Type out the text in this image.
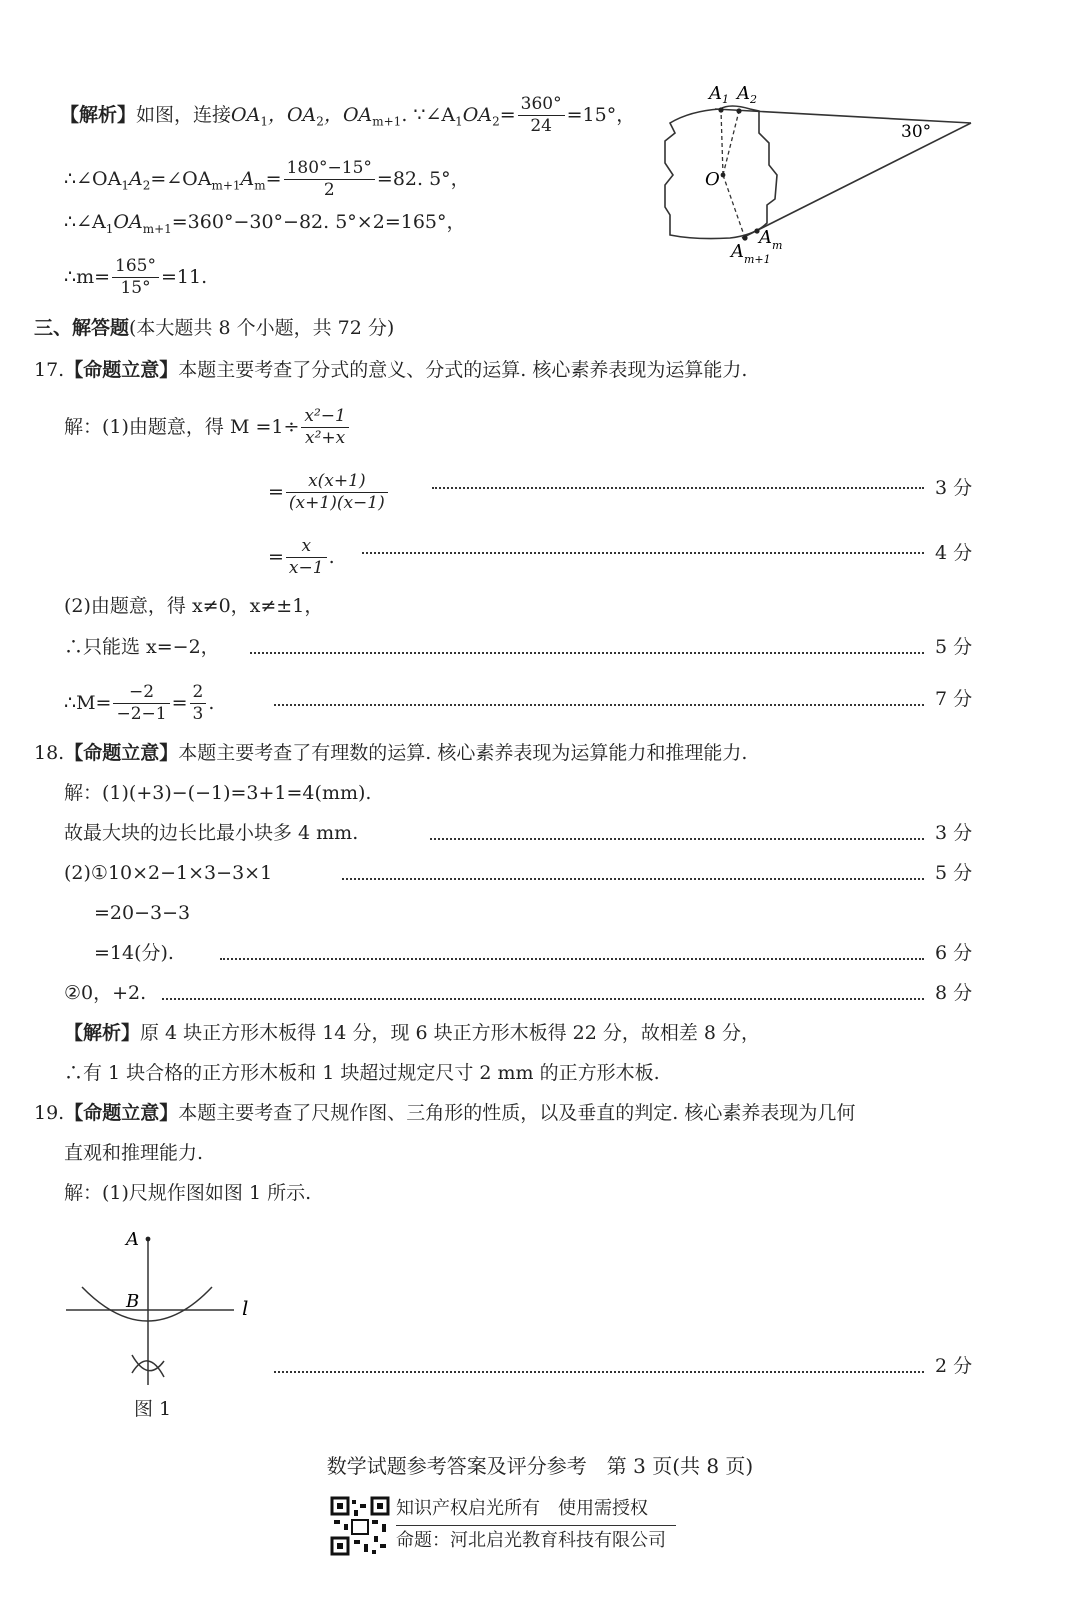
【解析】如图，连接$OA_1$，$OA_2$，$OA_{m+1}$. $\because\angle A_1OA_2= \frac{360^\circ}{24} =15^\circ$，
$\therefore\angle OA_1A_2=\angle OA_{m+1}A_m= \frac{180^\circ-15^\circ}{2} =82$. 5°，
$\therefore\angle A_1OA_{m+1}=360^\circ-30^\circ-82$. 5°×2=165°，
∴m= $\frac{165^\circ}{15^\circ} =11$.
$A_1$ $A_2$
30°
O
$A_{m+1}$
$A_m$
三、解答题(本大题共 8 个小题，共 72 分)
17.【命题立意】本题主要考查了分式的意义、分式的运算. 核心素养表现为运算能力.
解：(1)由题意，得 $M =1\div \frac{\text{x²−1}}{\text{x²+x}}$
= $\frac{x(x+1)}{(x+1)(x-1)}$	3 分
= $\frac{x}{x-1}$ .	4 分
(2)由题意，得 x≠0，x≠±1，
∴只能选 x=−2，	5 分
∴M= $\frac{-2}{-2-1} = \frac{2}{3}$ .	7 分
18.【命题立意】本题主要考查了有理数的运算. 核心素养表现为运算能力和推理能力.
解：(1)(+3)−(−1)=3+1=4(mm).
故最大块的边长比最小块多 4 mm.	3 分
(2)①10×2−1×3−3×1	5 分
=20−3−3
=14(分).	6 分
②0，+2.	8 分
【解析】原 4 块正方形木板得 14 分，现 6 块正方形木板得 22 分，故相差 8 分，
∴有 1 块合格的正方形木板和 1 块超过规定尺寸 2 mm 的正方形木板.
19.【命题立意】本题主要考查了尺规作图、三角形的性质，以及垂直的判定. 核心素养表现为几何
直观和推理能力.
解：(1)尺规作图如图 1 所示.
A
B	l
图 1
2 分
数学试题参考答案及评分参考　第 3 页(共 8 页)
知识产权启光所有　使用需授权
命题：河北启光教育科技有限公司
